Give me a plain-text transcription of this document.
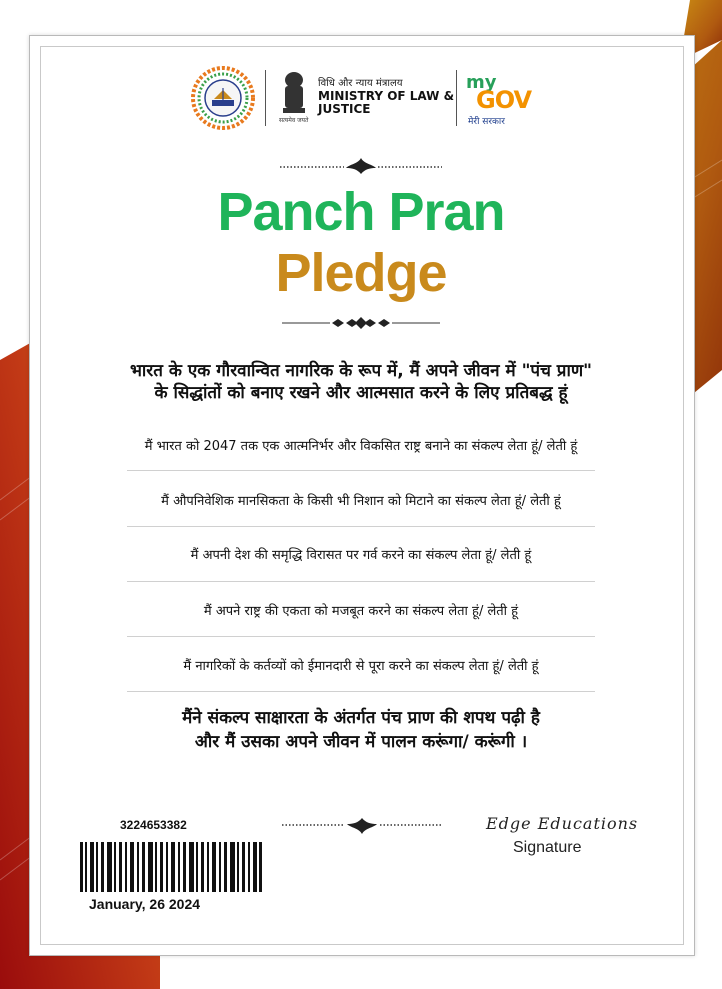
विधि और न्याय मंत्रालय
MINISTRY OF LAW &
JUSTICE
सत्यमेव जयते
my
GOV
मेरी सरकार
Panch Pran
Pledge
भारत के एक गौरवान्वित नागरिक के रूप में, मैं अपने जीवन में "पंच प्राण"
के सिद्धांतों को बनाए रखने और आत्मसात करने के लिए प्रतिबद्ध हूं
मैं भारत को 2047 तक एक आत्मनिर्भर और विकसित राष्ट्र बनाने का संकल्प लेता हूं/ लेती हूं
मैं औपनिवेशिक मानसिकता के किसी भी निशान को मिटाने का संकल्प लेता हूं/ लेती हूं
मैं अपनी देश की समृद्धि विरासत पर गर्व करने का संकल्प लेता हूं/ लेती हूं
मैं अपने राष्ट्र की एकता को मजबूत करने का संकल्प लेता हूं/ लेती हूं
मैं नागरिकों के कर्तव्यों को ईमानदारी से पूरा करने का संकल्प लेता हूं/ लेती हूं
मैंने संकल्प साक्षारता के अंतर्गत पंच प्राण की शपथ पढ़ी है
और मैं उसका अपने जीवन में पालन करूंगा/ करूंगी ।
3224653382
January, 26 2024
Edge Educations
Signature
